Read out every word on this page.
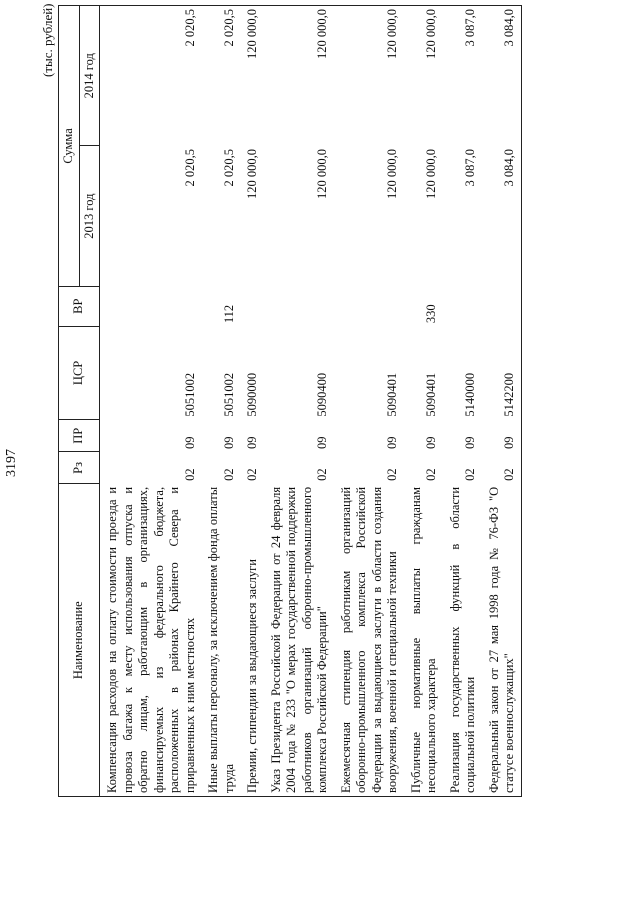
3197
(тыс. рублей)
Наименование	Рз	ПР	ЦСР	ВР	Сумма	
					2013 год	2014 год
Компенсация расходов на оплату стоимости проезда и провоза багажа к месту использования отпуска и обратно лицам, работающим в организациях, финансируемых из федерального бюджета, расположенных в районах Крайнего Севера и приравненных к ним местностях	02	09	5051002		2 020,5	2 020,5
Иные выплаты персоналу, за исключением фонда оплаты труда	02	09	5051002	112	2 020,5	2 020,5
Премии, стипендии за выдающиеся заслуги	02	09	5090000		120 000,0	120 000,0
Указ Президента Российской Федерации от 24 февраля 2004 года № 233 "О мерах государственной поддержки работников организаций оборонно-промышленного комплекса Российской Федерации"	02	09	5090400		120 000,0	120 000,0
Ежемесячная стипендия работникам организаций оборонно-промышленного комплекса Российской Федерации за выдающиеся заслуги в области создания вооружения, военной и специальной техники	02	09	5090401		120 000,0	120 000,0
Публичные нормативные выплаты гражданам несоциального характера	02	09	5090401	330	120 000,0	120 000,0
Реализация государственных функций в области социальной политики	02	09	5140000		3 087,0	3 087,0
Федеральный закон от 27 мая 1998 года № 76-ФЗ "О статусе военнослужащих"	02	09	5142200		3 084,0	3 084,0
